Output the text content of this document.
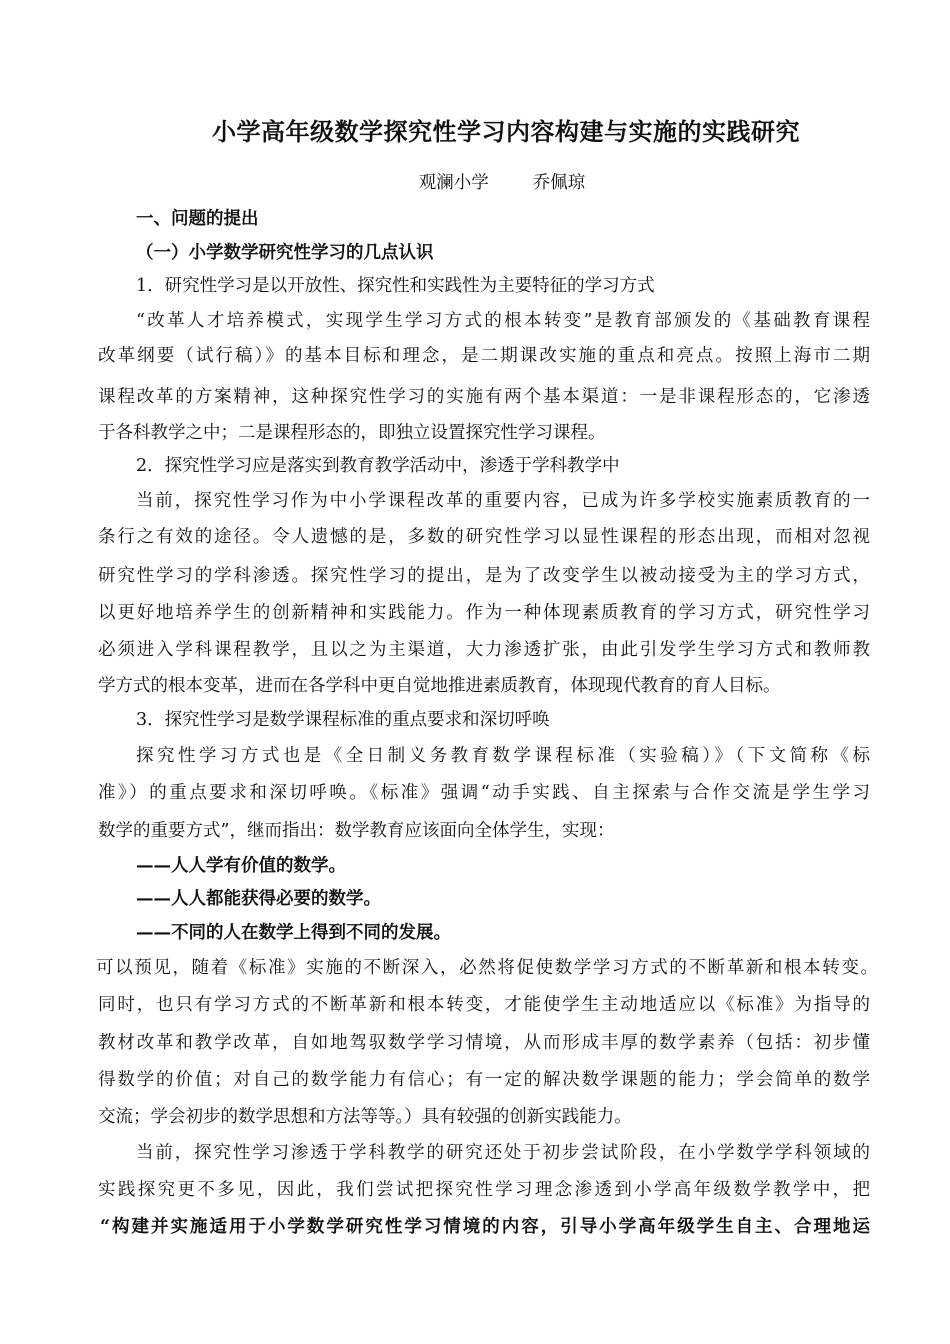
小学高年级数学探究性学习内容构建与实施的实践研究
观澜小学	乔佩琼
一、问题的提出
（一）小学数学研究性学习的几点认识
1．研究性学习是以开放性、探究性和实践性为主要特征的学习方式
“改革人才培养模式，实现学生学习方式的根本转变”是教育部颁发的《基础教育课程
改革纲要（试行稿）》的基本目标和理念，是二期课改实施的重点和亮点。按照上海市二期
课程改革的方案精神，这种探究性学习的实施有两个基本渠道：一是非课程形态的，它渗透
于各科教学之中；二是课程形态的，即独立设置探究性学习课程。
2．探究性学习应是落实到教育教学活动中，渗透于学科教学中
当前，探究性学习作为中小学课程改革的重要内容，已成为许多学校实施素质教育的一
条行之有效的途径。令人遗憾的是，多数的研究性学习以显性课程的形态出现，而相对忽视
研究性学习的学科渗透。探究性学习的提出，是为了改变学生以被动接受为主的学习方式，
以更好地培养学生的创新精神和实践能力。作为一种体现素质教育的学习方式，研究性学习
必须进入学科课程教学，且以之为主渠道，大力渗透扩张，由此引发学生学习方式和教师教
学方式的根本变革，进而在各学科中更自觉地推进素质教育，体现现代教育的育人目标。
3．探究性学习是数学课程标准的重点要求和深切呼唤
探究性学习方式也是《全日制义务教育数学课程标准（实验稿）》（下文简称《标
准》）的重点要求和深切呼唤。《标准》强调“动手实践、自主探索与合作交流是学生学习
数学的重要方式”，继而指出：数学教育应该面向全体学生，实现：
——人人学有价值的数学。
——人人都能获得必要的数学。
——不同的人在数学上得到不同的发展。
可以预见，随着《标准》实施的不断深入，必然将促使数学学习方式的不断革新和根本转变。
同时，也只有学习方式的不断革新和根本转变，才能使学生主动地适应以《标准》为指导的
教材改革和教学改革，自如地驾驭数学学习情境，从而形成丰厚的数学素养（包括：初步懂
得数学的价值；对自己的数学能力有信心；有一定的解决数学课题的能力；学会简单的数学
交流；学会初步的数学思想和方法等等。）具有较强的创新实践能力。
当前，探究性学习渗透于学科教学的研究还处于初步尝试阶段，在小学数学学科领域的
实践探究更不多见，因此，我们尝试把探究性学习理念渗透到小学高年级数学教学中，把
“构建并实施适用于小学数学研究性学习情境的内容，引导小学高年级学生自主、合理地运
